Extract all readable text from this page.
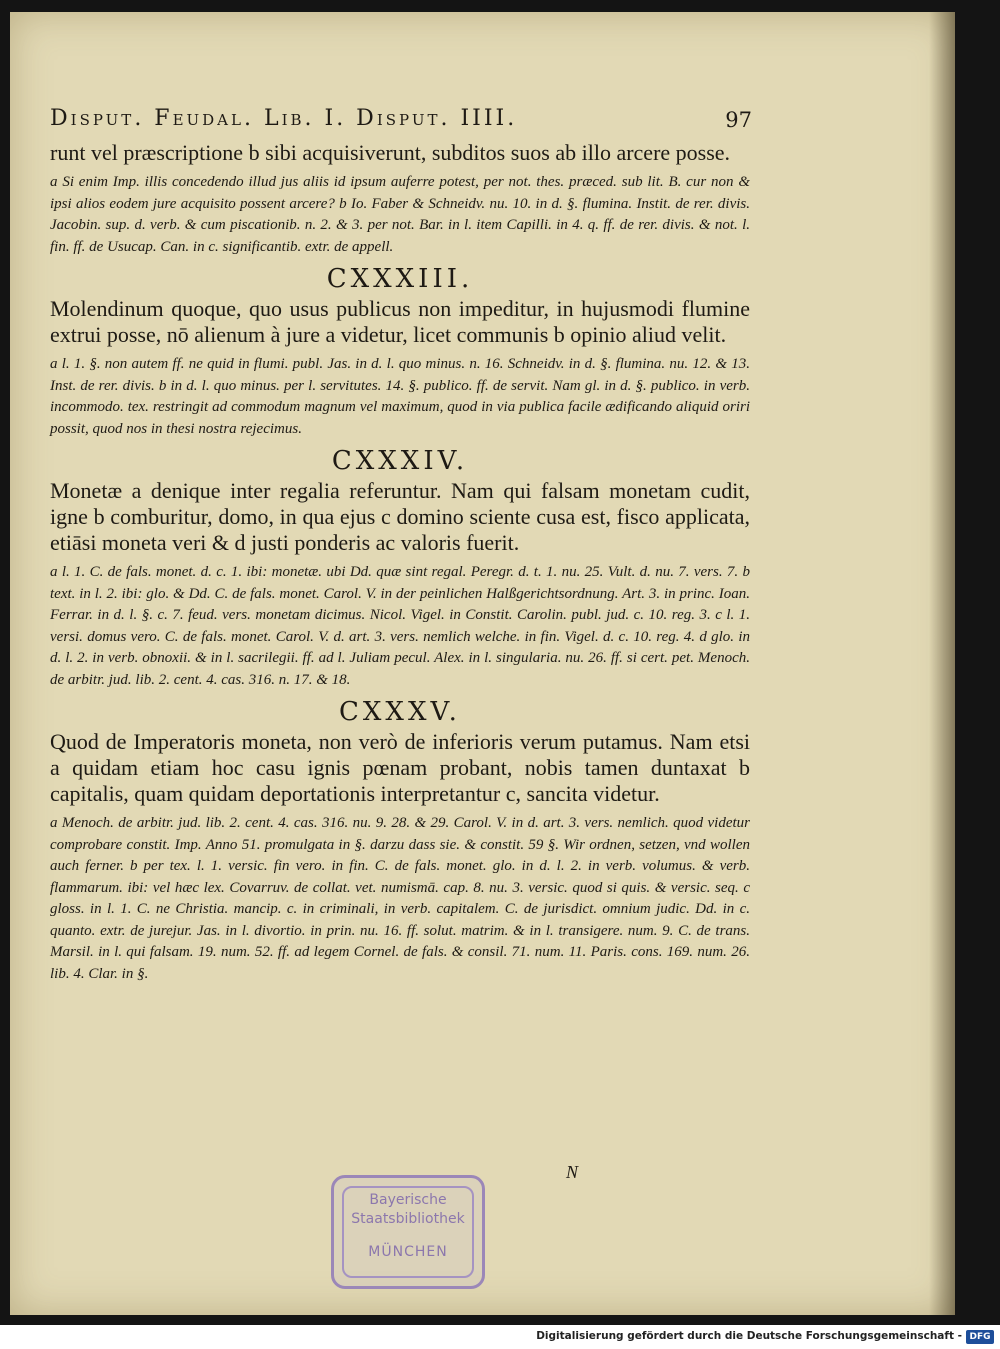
Disput. Feudal. Lib. I. Disput. IIII.	97

runt vel præscriptione b sibi acquisiverunt, subditos suos ab illo arcere posse.

a Si enim Imp. illis concedendo illud jus aliis id ipsum auferre potest, per not. thes. præced. sub lit. B. cur non & ipsi alios eodem jure acquisito possent arcere? b Io. Faber & Schneidv. nu. 10. in d. §. flumina. Instit. de rer. divis. Jacobin. sup. d. verb. & cum piscationib. n. 2. & 3. per not. Bar. in l. item Capilli. in 4. q. ff. de rer. divis. & not. l. fin. ff. de Usucap. Can. in c. significantib. extr. de appell.

CXXXIII.

Molendinum quoque, quo usus publicus non impeditur, in hujusmodi flumine extrui posse, nō alienum à jure a videtur, licet communis b opinio aliud velit.

a l. 1. §. non autem ff. ne quid in flumi. publ. Jas. in d. l. quo minus. n. 16. Schneidv. in d. §. flumina. nu. 12. & 13. Inst. de rer. divis. b in d. l. quo minus. per l. servitutes. 14. §. publico. ff. de servit. Nam gl. in d. §. publico. in verb. incommodo. tex. restringit ad commodum magnum vel maximum, quod in via publica facile ædificando aliquid oriri possit, quod nos in thesi nostra rejecimus.

CXXXIV.

Monetæ a denique inter regalia referuntur. Nam qui falsam monetam cudit, igne b comburitur, domo, in qua ejus c domino sciente cusa est, fisco applicata, etiāsi moneta veri & d justi ponderis ac valoris fuerit.

a l. 1. C. de fals. monet. d. c. 1. ibi: monetæ. ubi Dd. quæ sint regal. Peregr. d. t. 1. nu. 25. Vult. d. nu. 7. vers. 7. b text. in l. 2. ibi: glo. & Dd. C. de fals. monet. Carol. V. in der peinlichen Halßgerichtsordnung. Art. 3. in princ. Ioan. Ferrar. in d. l. §. c. 7. feud. vers. monetam dicimus. Nicol. Vigel. in Constit. Carolin. publ. jud. c. 10. reg. 3. c l. 1. versi. domus vero. C. de fals. monet. Carol. V. d. art. 3. vers. nemlich welche. in fin. Vigel. d. c. 10. reg. 4. d glo. in d. l. 2. in verb. obnoxii. & in l. sacrilegii. ff. ad l. Juliam pecul. Alex. in l. singularia. nu. 26. ff. si cert. pet. Menoch. de arbitr. jud. lib. 2. cent. 4. cas. 316. n. 17. & 18.

CXXXV.

Quod de Imperatoris moneta, non verò de inferioris verum putamus. Nam etsi a quidam etiam hoc casu ignis pœnam probant, nobis tamen duntaxat b capitalis, quam quidam deportationis interpretantur c, sancita videtur.

a Menoch. de arbitr. jud. lib. 2. cent. 4. cas. 316. nu. 9. 28. & 29. Carol. V. in d. art. 3. vers. nemlich. quod videtur comprobare constit. Imp. Anno 51. promulgata in §. darzu dass sie. & constit. 59 §. Wir ordnen, setzen, vnd wollen auch ferner. b per tex. l. 1. versic. fin vero. in fin. C. de fals. monet. glo. in d. l. 2. in verb. volumus. & verb. flammarum. ibi: vel hæc lex. Covarruv. de collat. vet. numismā. cap. 8. nu. 3. versic. quod si quis. & versic. seq. c gloss. in l. 1. C. ne Christia. mancip. c. in criminali, in verb. capitalem. C. de jurisdict. omnium judic. Dd. in c. quanto. extr. de jurejur. Jas. in l. divortio. in prin. nu. 16. ff. solut. matrim. & in l. transigere. num. 9. C. de trans. Marsil. in l. qui falsam. 19. num. 52. ff. ad legem Cornel. de fals. & consil. 71. num. 11. Paris. cons. 169. num. 26. lib. 4. Clar. in §.

N
Bayerische
Staatsbibliothek
MÜNCHEN
Digitalisierung gefördert durch die Deutsche Forschungsgemeinschaft - DFG
